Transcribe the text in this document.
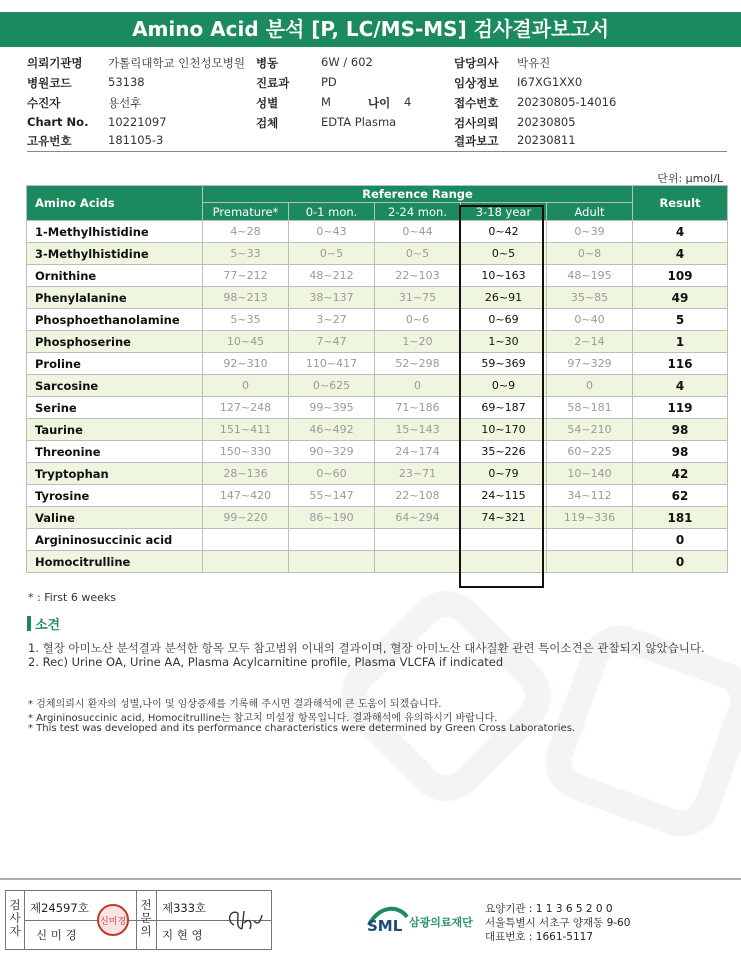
Amino Acid 분석 [P, LC/MS-MS] 검사결과보고서
의뢰기관명 가톨릭대학교 인천성모병원 병동	6W / 602	담당의사 박유진
병원코드	53138	진료과	PD	임상정보 I67XG1XX0
수진자	용선후	성별	M	나이 4	접수번호 20230805-14016
Chart No. 10221097	검체	EDTA Plasma	검사의뢰 20230805
고유번호	181105-3	결과보고 20230811
단위: μmol/L
Amino Acids	Reference Range					Result
	Premature*	0-1 mon.	2-24 mon.	3-18 year	Adult	
1-Methylhistidine	4~28	0~43	0~44	0~42	0~39	4
3-Methylhistidine	5~33	0~5	0~5	0~5	0~8	4
Ornithine	77~212	48~212	22~103	10~163	48~195	109
Phenylalanine	98~213	38~137	31~75	26~91	35~85	49
Phosphoethanolamine	5~35	3~27	0~6	0~69	0~40	5
Phosphoserine	10~45	7~47	1~20	1~30	2~14	1
Proline	92~310	110~417	52~298	59~369	97~329	116
Sarcosine	0	0~625	0	0~9	0	4
Serine	127~248	99~395	71~186	69~187	58~181	119
Taurine	151~411	46~492	15~143	10~170	54~210	98
Threonine	150~330	90~329	24~174	35~226	60~225	98
Tryptophan	28~136	0~60	23~71	0~79	10~140	42
Tyrosine	147~420	55~147	22~108	24~115	34~112	62
Valine	99~220	86~190	64~294	74~321	119~336	181
Argininosuccinic acid						0
Homocitrulline						0
* : First 6 weeks
소견
1. 혈장 아미노산 분석결과 분석한 항목 모두 참고범위 이내의 결과이며, 혈장 아미노산 대사질환 관련 특이소견은 관찰되지 않았습니다.
2. Rec) Urine OA, Urine AA, Plasma Acylcarnitine profile, Plasma VLCFA if indicated
* 검체의뢰시 환자의 성별,나이 및 임상증세를 기록해 주시면 결과해석에 큰 도움이 되겠습니다.
* Argininosuccinic acid, Homocitrulline는 참고치 미설정 항목입니다. 결과해석에 유의하시기 바랍니다.
* This test was developed and its performance characteristics were determined by Green Cross Laboratories.
검사자
제24597호
신 미 경
신미경
전문의
제333호
지 현 영	SML 삼광의료재단
요양기관 : 1 1 3 6 5 2 0 0
서울특별시 서초구 양재동 9-60
대표번호 : 1661-5117
